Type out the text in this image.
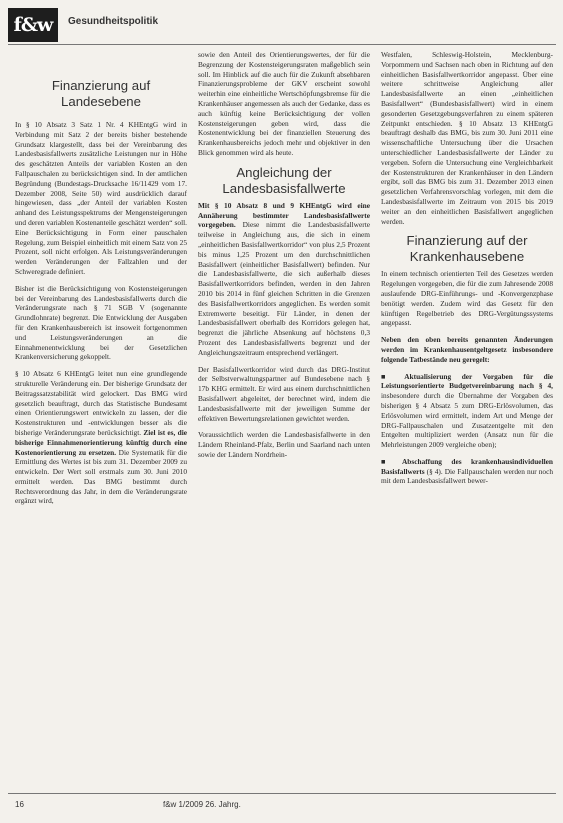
f&w	Gesundheitspolitik
Finanzierung auf
Landesebene

In § 10 Absatz 3 Satz 1 Nr. 4 KHEntgG wird in Verbindung mit Satz 2 der bereits bisher bestehende Grundsatz klargestellt, dass bei der Vereinbarung des Landesbasisfallwerts zusätzliche Leistungen nur in Höhe des geschätzten Anteils der variablen Kosten an den Fallpauschalen zu berücksichtigen sind. In der amtlichen Begründung (Bundestags-Drucksache 16/11429 vom 17. Dezember 2008, Seite 50) wird ausdrücklich darauf hingewiesen, dass „der Anteil der variablen Kosten anhand des Leistungsspektrums der Mengensteigerungen und deren variablen Kostenanteile geschätzt werden“ soll. Eine Berücksichtigung in Form einer pauschalen Regelung, zum Beispiel einheitlich mit einem Satz von 25 Prozent, soll nicht erfolgen. Als Leistungsveränderungen werden Veränderungen der Fallzahlen und der Schweregrade definiert.

Bisher ist die Berücksichtigung von Kostensteigerungen bei der Vereinbarung des Landesbasisfallwerts durch die Veränderungsrate nach § 71 SGB V (sogenannte Grundlohnrate) begrenzt. Die Entwicklung der Ausgaben für den Krankenhausbereich ist insoweit fortgenommen und Leistungsveränderungen an die Einnahmenentwicklung bei der Gesetzlichen Krankenversicherung gekoppelt.

§ 10 Absatz 6 KHEntgG leitet nun eine grundlegende strukturelle Veränderung ein. Der bisherige Grundsatz der Beitragssatzstabilität wird gelockert. Das BMG wird gesetzlich beauftragt, durch das Statistische Bundesamt einen Orientierungswert entwickeln zu lassen, der die Kostenstrukturen und -entwicklungen besser als die bisherige Veränderungsrate berücksichtigt. Ziel ist es, die bisherige Einnahmenorientierung künftig durch eine Kostenorientierung zu ersetzen. Die Systematik für die Ermittlung des Wertes ist bis zum 31. Dezember 2009 zu entwickeln. Der Wert soll erstmals zum 30. Juni 2010 ermittelt werden. Das BMG bestimmt durch Rechtsverordnung das Jahr, in dem die Veränderungsrate ergänzt wird,

sowie den Anteil des Orientierungswertes, der für die Begrenzung der Kostensteigerungsraten maßgeblich sein soll. Im Hinblick auf die auch für die Zukunft absehbaren Finanzierungsprobleme der GKV erscheint sowohl weiterhin eine einheitliche Wertschöpfungsbremse für die Krankenhäuser angemessen als auch der Gedanke, dass es auch künftig keine Berücksichtigung der vollen Kostensteigerungen geben wird, dass die Kostenentwicklung bei der finanziellen Steuerung des Krankenhausbereichs jedoch mehr und objektiver in den Blick genommen wird als heute.

Angleichung der
Landesbasisfallwerte

Mit § 10 Absatz 8 und 9 KHEntgG wird eine Annäherung bestimmter Landesbasisfallwerte vorgegeben. Diese nimmt die Landesbasisfallwerte teilweise in Angleichung aus, die sich in einem „einheitlichen Basisfallwertkorridor“ von plus 2,5 Prozent bis minus 1,25 Prozent um den durchschnittlichen Basisfallwert (einheitlicher Basisfallwert) befinden. Nur die Landesbasisfallwerte, die sich außerhalb dieses Basisfallwertkorridors befinden, werden in den Jahren 2010 bis 2014 in fünf gleichen Schritten in die Grenzen des Basisfallwertkorridors angeglichen. Es werden somit Extremwerte beseitigt. Für Länder, in denen der Landesbasisfallwert oberhalb des Korridors gelegen hat, begrenzt die jährliche Absenkung auf höchstens 0,3 Prozent des Landesbasisfallwerts begrenzt und der Angleichungszeitraum entsprechend verlängert.

Der Basisfallwertkorridor wird durch das DRG-Institut der Selbstverwaltungspartner auf Bundesebene nach § 17b KHG ermittelt. Er wird aus einem durchschnittlichen Basisfallwert abgeleitet, der berechnet wird, indem die Landesbasisfallwerte mit der jeweiligen Summe der effektiven Bewertungsrelationen gewichtet werden.

Voraussichtlich werden die Landesbasisfallwerte in den Ländern Rheinland-Pfalz, Berlin und Saarland nach unten sowie der Ländern Nordrhein-

Westfalen, Schleswig-Holstein, Mecklenburg-Vorpommern und Sachsen nach oben in Richtung auf den einheitlichen Basisfallwertkorridor angepasst. Über eine weitere schrittweise Angleichung aller Landesbasisfallwerte an einen „einheitlichen Basisfallwert“ (Bundesbasisfallwert) wird in einem gesonderten Gesetzgebungsverfahren zu einem späteren Zeitpunkt entschieden. § 10 Absatz 13 KHEntgG beauftragt deshalb das BMG, bis zum 30. Juni 2011 eine wissenschaftliche Untersuchung über die Ursachen unterschiedlicher Landesbasisfallwerte der Länder zu vergeben. Sofern die Untersuchung eine Vergleichbarkeit der Kostenstrukturen der Krankenhäuser in den Ländern ergibt, soll das BMG bis zum 31. Dezember 2013 einen gesetzlichen Verfahrensvorschlag vorlegen, mit dem die Landesbasisfallwerte im Zeitraum von 2015 bis 2019 weiter an den einheitlichen Basisfallwert angeglichen werden.

Finanzierung auf der
Krankenhausebene

In einem technisch orientierten Teil des Gesetzes werden Regelungen vorgegeben, die für die zum Jahresende 2008 auslaufende DRG-Einführungs- und -Konvergenzphase benötigt werden. Zudem wird das Gesetz für den künftigen Regelbetrieb des DRG-Vergütungssystems angepasst.

Neben den oben bereits genannten Änderungen werden im Krankenhausentgeltgesetz insbesondere folgende Tatbestände neu geregelt:

■ Aktualisierung der Vorgaben für die Leistungsorientierte Budgetvereinbarung nach § 4, insbesondere durch die Übernahme der Vorgaben des bisherigen § 4 Absatz 5 zum DRG-Erlösvolumen, das Erlösvolumen wird ermittelt, indem Art und Menge der DRG-Fallpauschalen und Zusatzentgelte mit den Entgelten multipliziert werden (Ansatz nun für die Mehrleistungen 2009 vergleiche oben);

■ Abschaffung des krankenhausindividuellen Basisfallwerts (§ 4). Die Fallpauschalen werden nur noch mit dem Landesbasisfallwert bewer-

16	f&w 1/2009 26. Jahrg.
